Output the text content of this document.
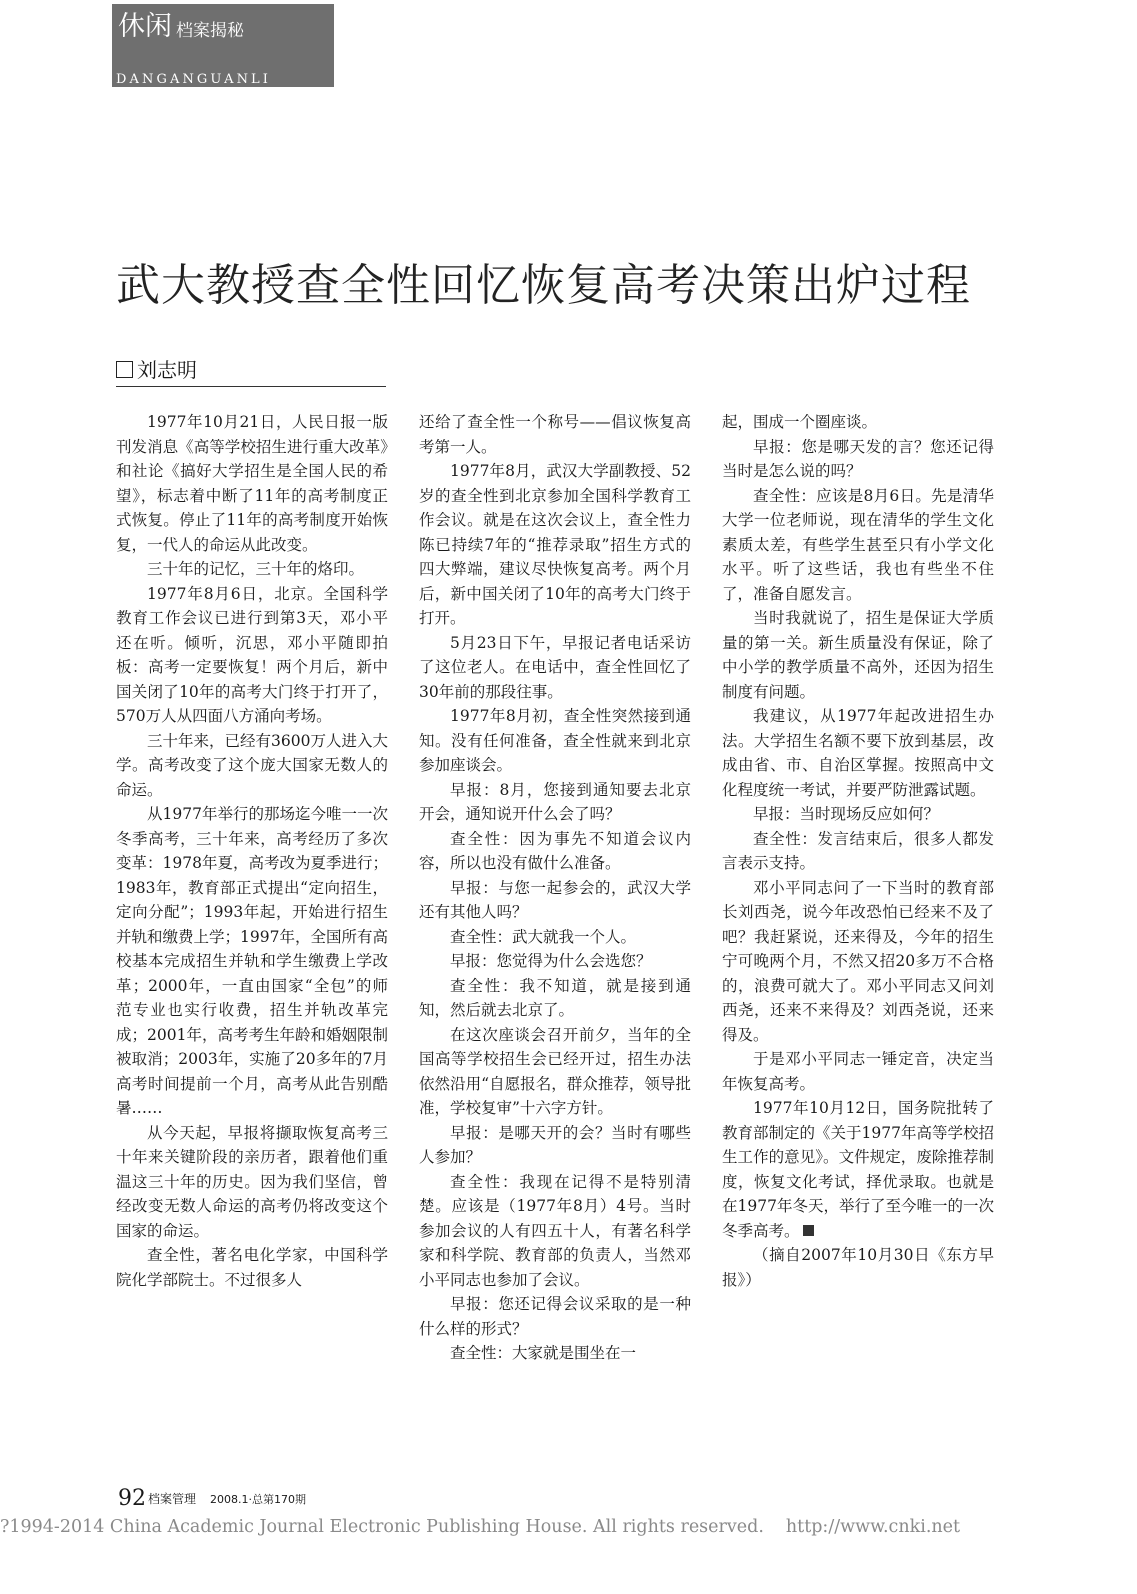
休闲 档案揭秘
DANGANGUANLI
武大教授查全性回忆恢复高考决策出炉过程
刘志明

1977年10月21日，人民日报一版刊发消息《高等学校招生进行重大改革》和社论《搞好大学招生是全国人民的希望》，标志着中断了11年的高考制度正式恢复。停止了11年的高考制度开始恢复，一代人的命运从此改变。

三十年的记忆，三十年的烙印。

1977年8月6日，北京。全国科学教育工作会议已进行到第3天，邓小平还在听。倾听，沉思，邓小平随即拍板：高考一定要恢复！两个月后，新中国关闭了10年的高考大门终于打开了，570万人从四面八方涌向考场。

三十年来，已经有3600万人进入大学。高考改变了这个庞大国家无数人的命运。

从1977年举行的那场迄今唯一一次冬季高考，三十年来，高考经历了多次变革：1978年夏，高考改为夏季进行；1983年，教育部正式提出“定向招生，定向分配”；1993年起，开始进行招生并轨和缴费上学；1997年，全国所有高校基本完成招生并轨和学生缴费上学改革；2000年，一直由国家“全包”的师范专业也实行收费，招生并轨改革完成；2001年，高考考生年龄和婚姻限制被取消；2003年，实施了20多年的7月高考时间提前一个月，高考从此告别酷暑……

从今天起，早报将撷取恢复高考三十年来关键阶段的亲历者，跟着他们重温这三十年的历史。因为我们坚信，曾经改变无数人命运的高考仍将改变这个国家的命运。

查全性，著名电化学家，中国科学院化学部院士。不过很多人

还给了查全性一个称号——倡议恢复高考第一人。

1977年8月，武汉大学副教授、52岁的查全性到北京参加全国科学教育工作会议。就是在这次会议上，查全性力陈已持续7年的“推荐录取”招生方式的四大弊端，建议尽快恢复高考。两个月后，新中国关闭了10年的高考大门终于打开。

5月23日下午，早报记者电话采访了这位老人。在电话中，查全性回忆了30年前的那段往事。

1977年8月初，查全性突然接到通知。没有任何准备，查全性就来到北京参加座谈会。

早报：8月，您接到通知要去北京开会，通知说开什么会了吗？

查全性：因为事先不知道会议内容，所以也没有做什么准备。

早报：与您一起参会的，武汉大学还有其他人吗？

查全性：武大就我一个人。

早报：您觉得为什么会选您？

查全性：我不知道，就是接到通知，然后就去北京了。

在这次座谈会召开前夕，当年的全国高等学校招生会已经开过，招生办法依然沿用“自愿报名，群众推荐，领导批准，学校复审”十六字方针。

早报：是哪天开的会？当时有哪些人参加？

查全性：我现在记得不是特别清楚。应该是（1977年8月）4号。当时参加会议的人有四五十人，有著名科学家和科学院、教育部的负责人，当然邓小平同志也参加了会议。

早报：您还记得会议采取的是一种什么样的形式？

查全性：大家就是围坐在一

起，围成一个圈座谈。

早报：您是哪天发的言？您还记得当时是怎么说的吗？

查全性：应该是8月6日。先是清华大学一位老师说，现在清华的学生文化素质太差，有些学生甚至只有小学文化水平。听了这些话，我也有些坐不住了，准备自愿发言。

当时我就说了，招生是保证大学质量的第一关。新生质量没有保证，除了中小学的教学质量不高外，还因为招生制度有问题。

我建议，从1977年起改进招生办法。大学招生名额不要下放到基层，改成由省、市、自治区掌握。按照高中文化程度统一考试，并要严防泄露试题。

早报：当时现场反应如何？

查全性：发言结束后，很多人都发言表示支持。

邓小平同志问了一下当时的教育部长刘西尧，说今年改恐怕已经来不及了吧？我赶紧说，还来得及，今年的招生宁可晚两个月，不然又招20多万不合格的，浪费可就大了。邓小平同志又问刘西尧，还来不来得及？刘西尧说，还来得及。

于是邓小平同志一锤定音，决定当年恢复高考。

1977年10月12日，国务院批转了教育部制定的《关于1977年高等学校招生工作的意见》。文件规定，废除推荐制度，恢复文化考试，择优录取。也就是在1977年冬天，举行了至今唯一的一次冬季高考。

（摘自2007年10月30日《东方早报》）

92 档案管理 2008.1·总第170期
?1994-2014 China Academic Journal Electronic Publishing House. All rights reserved. http://www.cnki.net
